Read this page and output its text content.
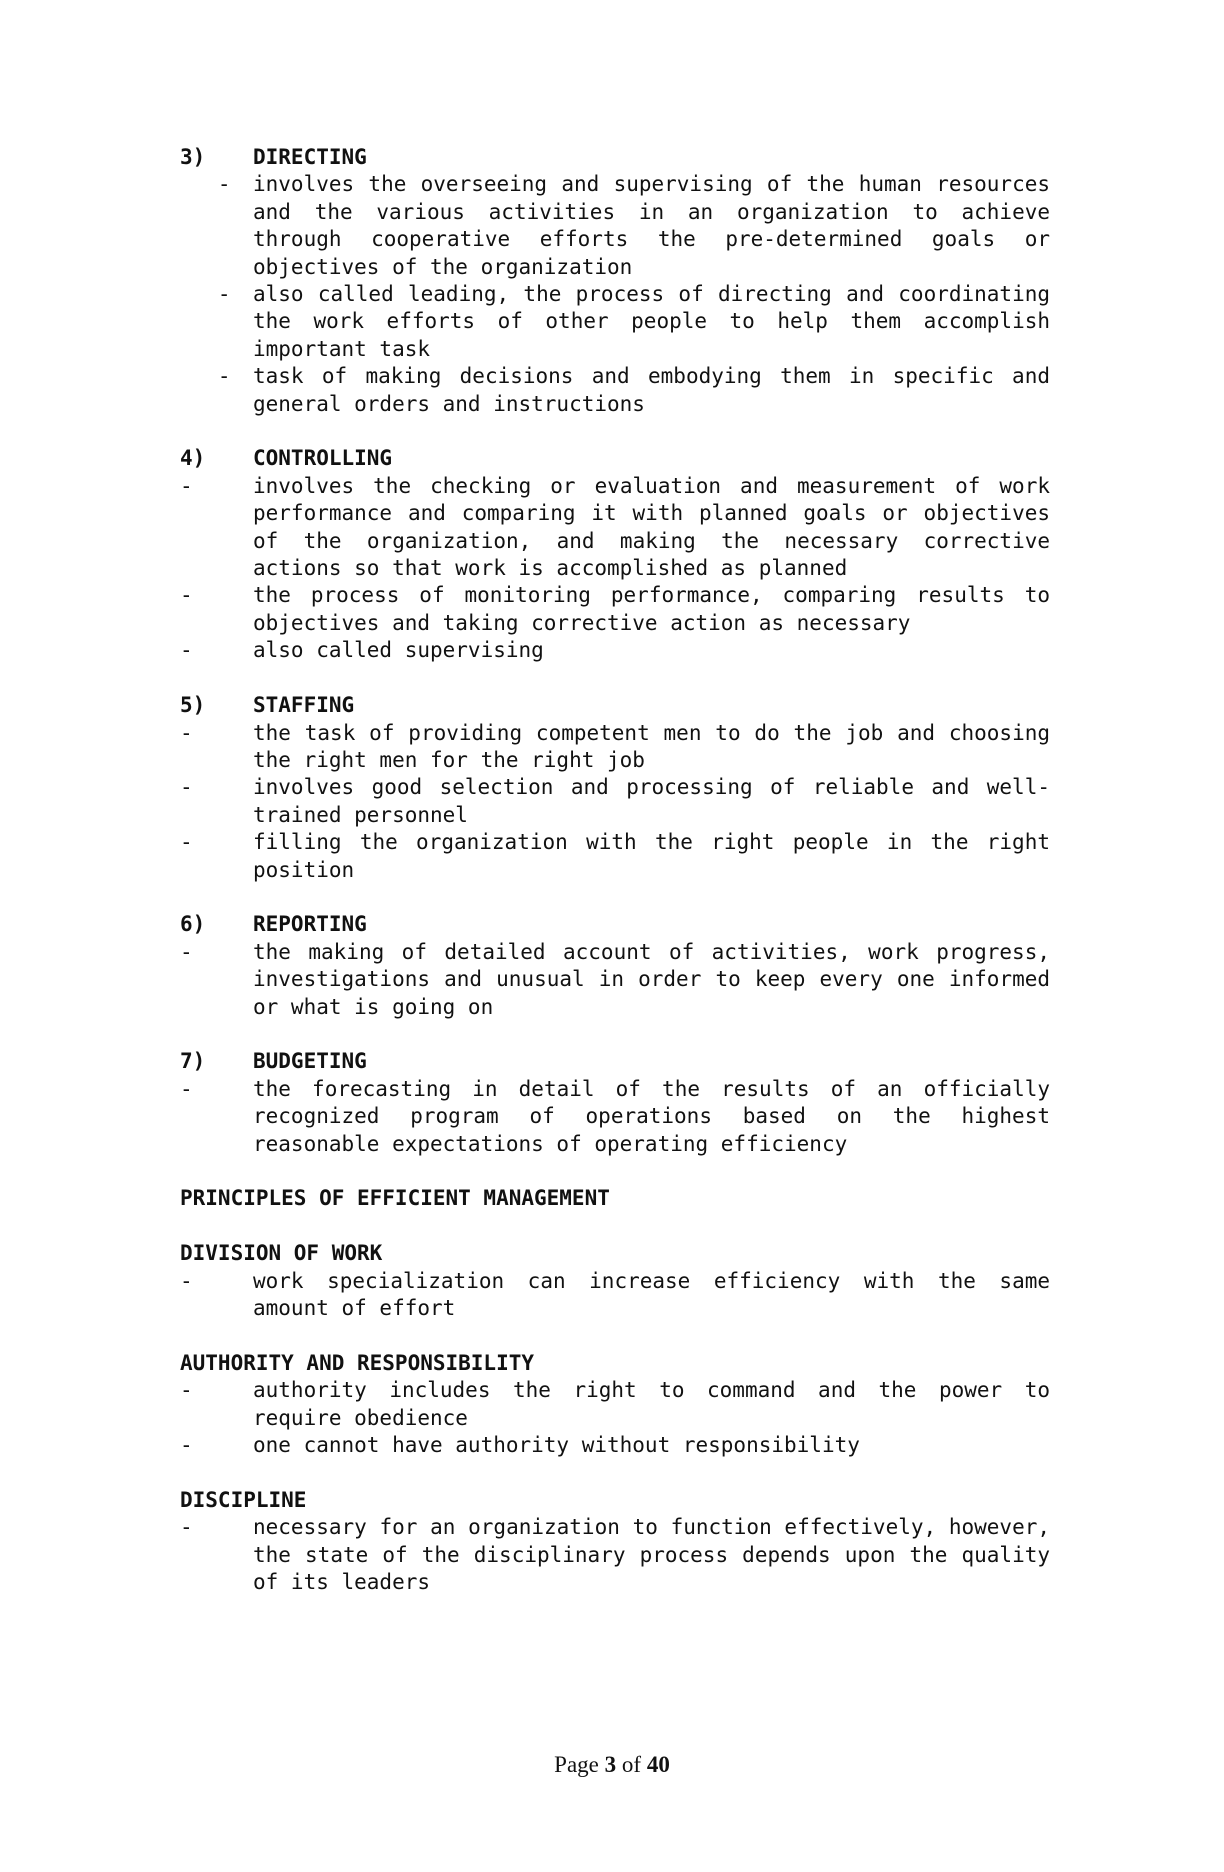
3)	DIRECTING
-	involves the overseeing and supervising of the human resources and the various activities in an organization to achieve through cooperative efforts the pre-determined goals or objectives of the organization
-	also called leading, the process of directing and coordinating the work efforts of other people to help them accomplish important task
-	task of making decisions and embodying them in specific and general orders and instructions
4)	CONTROLLING
-	involves the checking or evaluation and measurement of work performance and comparing it with planned goals or objectives of the organization, and making the necessary corrective actions so that work is accomplished as planned
-	the process of monitoring performance, comparing results to objectives and taking corrective action as necessary
-	also called supervising
5)	STAFFING
-	the task of providing competent men to do the job and choosing the right men for the right job
-	involves good selection and processing of reliable and well-trained personnel
-	filling the organization with the right people in the right position
6)	REPORTING
-	the making of detailed account of activities, work progress, investigations and unusual in order to keep every one informed or what is going on
7)	BUDGETING
-	the forecasting in detail of the results of an officially recognized program of operations based on the highest reasonable expectations of operating efficiency
PRINCIPLES OF EFFICIENT MANAGEMENT
DIVISION OF WORK
-	work specialization can increase efficiency with the same amount of effort
AUTHORITY AND RESPONSIBILITY
-	authority includes the right to command and the power to require obedience
-	one cannot have authority without responsibility
DISCIPLINE
-	necessary for an organization to function effectively, however, the state of the disciplinary process depends upon the quality of its leaders
Page 3 of 40
